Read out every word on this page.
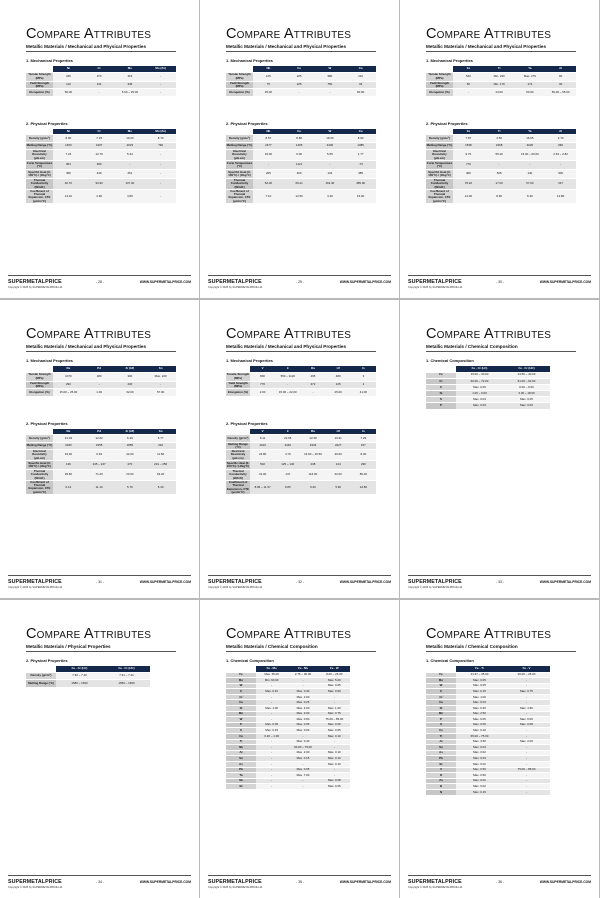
Compare Attributes
Metallic Materials / Mechanical and Physical Properties
1. Mechanical Properties
	Ni	Cr	Mo	Mo (Zn)
Tensile Strength (MPa)	345	370	415	-
Yield Strength (MPa)	110	131	345	-
Elongation (%)	50.00	-	5.00 ~ 25.00	-
2. Physical Properties
	Ni	Cr	Mo	Mo (Zn)
Density (g/cm³)	8.90	7.15	10.20	8.70
Melting Range (°C)	1453	1907	2623	790
Electrical Resistivity (μΩ·cm)	7.24	12.70	5.34	-
Curie Temperature (°C)	354	480	-	-
Specific Heat (0-100°C) / (J/kg°C)	456	449	251	-
Thermal Conductivity (W/mK)	60.70	93.90	137.00	-
Coefficient of Thermal Expansion, CTE (μm/m°C)	13.10	4.90	4.80	-
SUPERMETALPRICE	- 28 -	WWW.SUPERMETALPRICE.COM
Copyright © 2025 by SUPERMETALPRICE Ltd.
Compare Attributes
Metallic Materials / Mechanical and Physical Properties
1. Mechanical Properties
	Nb	Co	W	Cu
Tensile Strength (MPa)	125	225	980	210
Yield Strength (MPa)	75	225	750	33
Elongation (%)	25.00	-	-	60.00
2. Physical Properties
	Nb	Co	W	Cu
Density (g/cm³)	8.57	8.86	19.30	8.93
Melting Range (°C)	2477	1495	3400	1085
Electrical Resistivity (μΩ·cm)	15.00	9.00	5.65	1.77
Curie Temperature (°C)	-	1121	-	-73
Specific Heat (0-100°C) / (J/kg°C)	265	460	134	385
Thermal Conductivity (W/mK)	52.00	69.21	163.30	385.00
Coefficient of Thermal Expansion, CTE (μm/m°C)	7.10	12.50	4.40	16.00
SUPERMETALPRICE	- 29 -	WWW.SUPERMETALPRICE.COM
Copyright © 2025 by SUPERMETALPRICE Ltd.
Compare Attributes
Metallic Materials / Mechanical and Physical Properties
1. Mechanical Properties
	Fe	Ti	Ta	Al
Tensile Strength (MPa)	540	Min. 240	Max. 276	90
Yield Strength (MPa)	50	Min. 170	172	30
Elongation (%)	-	24.00	50.00	50.00 ~ 65.00
2. Physical Properties
	Fe	Ti	Ta	Al
Density (g/cm³)	7.87	4.50	16.65	2.70
Melting Range (°C)	1538	1668	3020	660
Electrical Resistivity (μΩ·cm)	9.70	55.40	15.00 ~ 60.00	2.63 ~ 2.82
Curie Temperature (°C)	770	-	-	-
Specific Heat (0-100°C) / (J/kg°C)	460	528	140	900
Thermal Conductivity (W/mK)	78.20	17.00	57.00	237
Coefficient of Thermal Expansion, CTE (μm/m°C)	12.00	8.90	6.30	12.80
SUPERMETALPRICE	- 30 -	WWW.SUPERMETALPRICE.COM
Copyright © 2025 by SUPERMETALPRICE Ltd.
Compare Attributes
Metallic Materials / Mechanical and Physical Properties
1. Mechanical Properties
	Re	Pd	Zr (Hf)	Sn
Tensile Strength (MPa)	1070	180	330	Max. 220
Yield Strength (MPa)	290	-	230	-
Elongation (%)	15.00 ~ 25.00	1.00	32.00	57.00
2. Physical Properties
	Re	Pd	Zr (Hf)	Sn
Density (g/cm³)	21.03	12.02	6.49	5.77
Melting Range (°C)	3180	1555	1855	232
Electrical Resistivity (μΩ·cm)	19.30	9.93	42.00	11.50
Specific Heat (0-100°C) / (J/kg°C)	136	245 ~ 247	270	231 ~ 256
Thermal Conductivity (W/mK)	39.60	71.20	23.00	63.20
Coefficient of Thermal Expansion, CTE (μm/m°C)	6.12	11.10	5.70	5.40
SUPERMETALPRICE	- 31 -	WWW.SUPERMETALPRICE.COM
Copyright © 2025 by SUPERMETALPRICE Ltd.
Compare Attributes
Metallic Materials / Mechanical and Physical Properties
1. Mechanical Properties
	V	Ir	Ru	Hf	In
Tensile Strength (MPa)	800	550 ~ 1120	495	480	3
Yield Strength (MPa)	776	-	372	125	2
Elongation (%)	2.00	15.00 ~ 22.00	-	25.00	41.00
2. Physical Properties
	V	Ir	Ru	Hf	In
Density (g/cm³)	6.11	22.65	12.30	13.31	7.29
Melting Range (°C)	1910	2446	2334	2227	157
Electrical Resistivity (μΩ·cm)	24.80	4.70	13.60 ~ 16.50	30.00	8.00
Specific Heat (0-100°C) / (J/kg°C)	502	125 ~ 140	238	144	230
Thermal Conductivity (W/mK)	31.00	147	116.00	22.00	86.00
Coefficient of Thermal Expansion, CTE (μm/m°C)	8.96 ~ 11.57	6.80	9.40	5.90	24.80
SUPERMETALPRICE	- 32 -	WWW.SUPERMETALPRICE.COM
Copyright © 2025 by SUPERMETALPRICE Ltd.
Compare Attributes
Metallic Materials / Chemical Composition
1. Chemical Composition
	Fe - Cr (LC)	Fe - Cr (HC)
Fe	16.00 ~ 30.00	13.50 ~ 40.00
Cr	60.00 ~ 72.00	51.00 ~ 62.00
C	Max. 0.05	6.00 ~ 9.00
Si	1.00 ~ 6.00	3.00 ~ 18.00
S	Max. 0.03	Max. 0.05
P	Max. 0.03	Max. 0.03
SUPERMETALPRICE	- 33 -	WWW.SUPERMETALPRICE.COM
Copyright © 2025 by SUPERMETALPRICE Ltd.
Compare Attributes
Metallic Materials / Physical Properties
2. Physical Properties
	Fe - Cr (LC)	Fe - Cr (HC)
Density (g/cm³)	7.30 ~ 7.40	7.31 ~ 7.41
Melting Range (°C)	1580 ~ 1690	1550 ~ 1650
SUPERMETALPRICE	- 34 -	WWW.SUPERMETALPRICE.COM
Copyright © 2025 by SUPERMETALPRICE Ltd.
Compare Attributes
Metallic Materials / Chemical Composition
1. Chemical Composition
	Fe - Mo	Fe - Nb	Fe - W
Fe	Max. 35.00	2.75 ~ 30.00	8.00 ~ 25.00
Mo	Min. 60.00	-	Max. 5.00
W	-	-	Max. 0.05
C	Max. 0.10	Max. 0.30	Max. 0.60
Cr	-	Max. 2.00	-
Cu	-	Max. 0.25	-
Si	Max. 1.00	Max. 4.00	Max. 1.00
Mn	-	Max. 3.00	Max. 0.75
W	-	Max. 0.50	75.00 ~ 85.00
P	Max. 0.05	Max. 0.05	Max. 0.06
S	Max. 0.15	Max. 0.03	Max. 0.05
Cu	0.20 ~ 1.00	-	Max. 0.10
Ti	-	Max. 0.40	-
Nb	-	60.00 ~ 75.00	-
Al	-	Max. 2.00	Max. 0.10
Sn	-	Max. 0.15	Max. 0.10
As	-	-	Max. 0.10
Pb	-	Max. 0.05	-
Ta	-	Max. 7.00	-
Sb	-	-	Max. 0.08
Bi	-	-	Max. 0.05
SUPERMETALPRICE	- 35 -	WWW.SUPERMETALPRICE.COM
Copyright © 2025 by SUPERMETALPRICE Ltd.
Compare Attributes
Metallic Materials / Chemical Composition
1. Chemical Composition
	Fe - Ti	Fe - V
Fe	21.37 ~ 35.00	20.00 ~ 25.00
Mo	Max. 0.05	-
W	Max. 0.05	-
C	Max. 0.15	Max. 0.75
Cr	Max. 1.00	-
Cu	Max. 0.03	-
Si	Max. 0.25	Max. 1.50
Mn	Max. 2.50	-
P	Max. 0.05	Max. 0.06
S	Max. 0.05	Max. 0.08
Co	Max. 0.10	-
Ti	65.00 ~ 75.00	-
Al	Max. 3.50	Max. 2.00
Sn	Max. 0.03	-
As	Max. 0.02	-
Pb	Max. 0.03	-
Bi	Max. 0.02	-
V	Max. 0.50	75.00 ~ 85.00
O	Max. 0.50	-
Zn	Max. 0.02	-
B	Max. 0.02	-
N	Max. 0.15	-
SUPERMETALPRICE	- 36 -	WWW.SUPERMETALPRICE.COM
Copyright © 2025 by SUPERMETALPRICE Ltd.
